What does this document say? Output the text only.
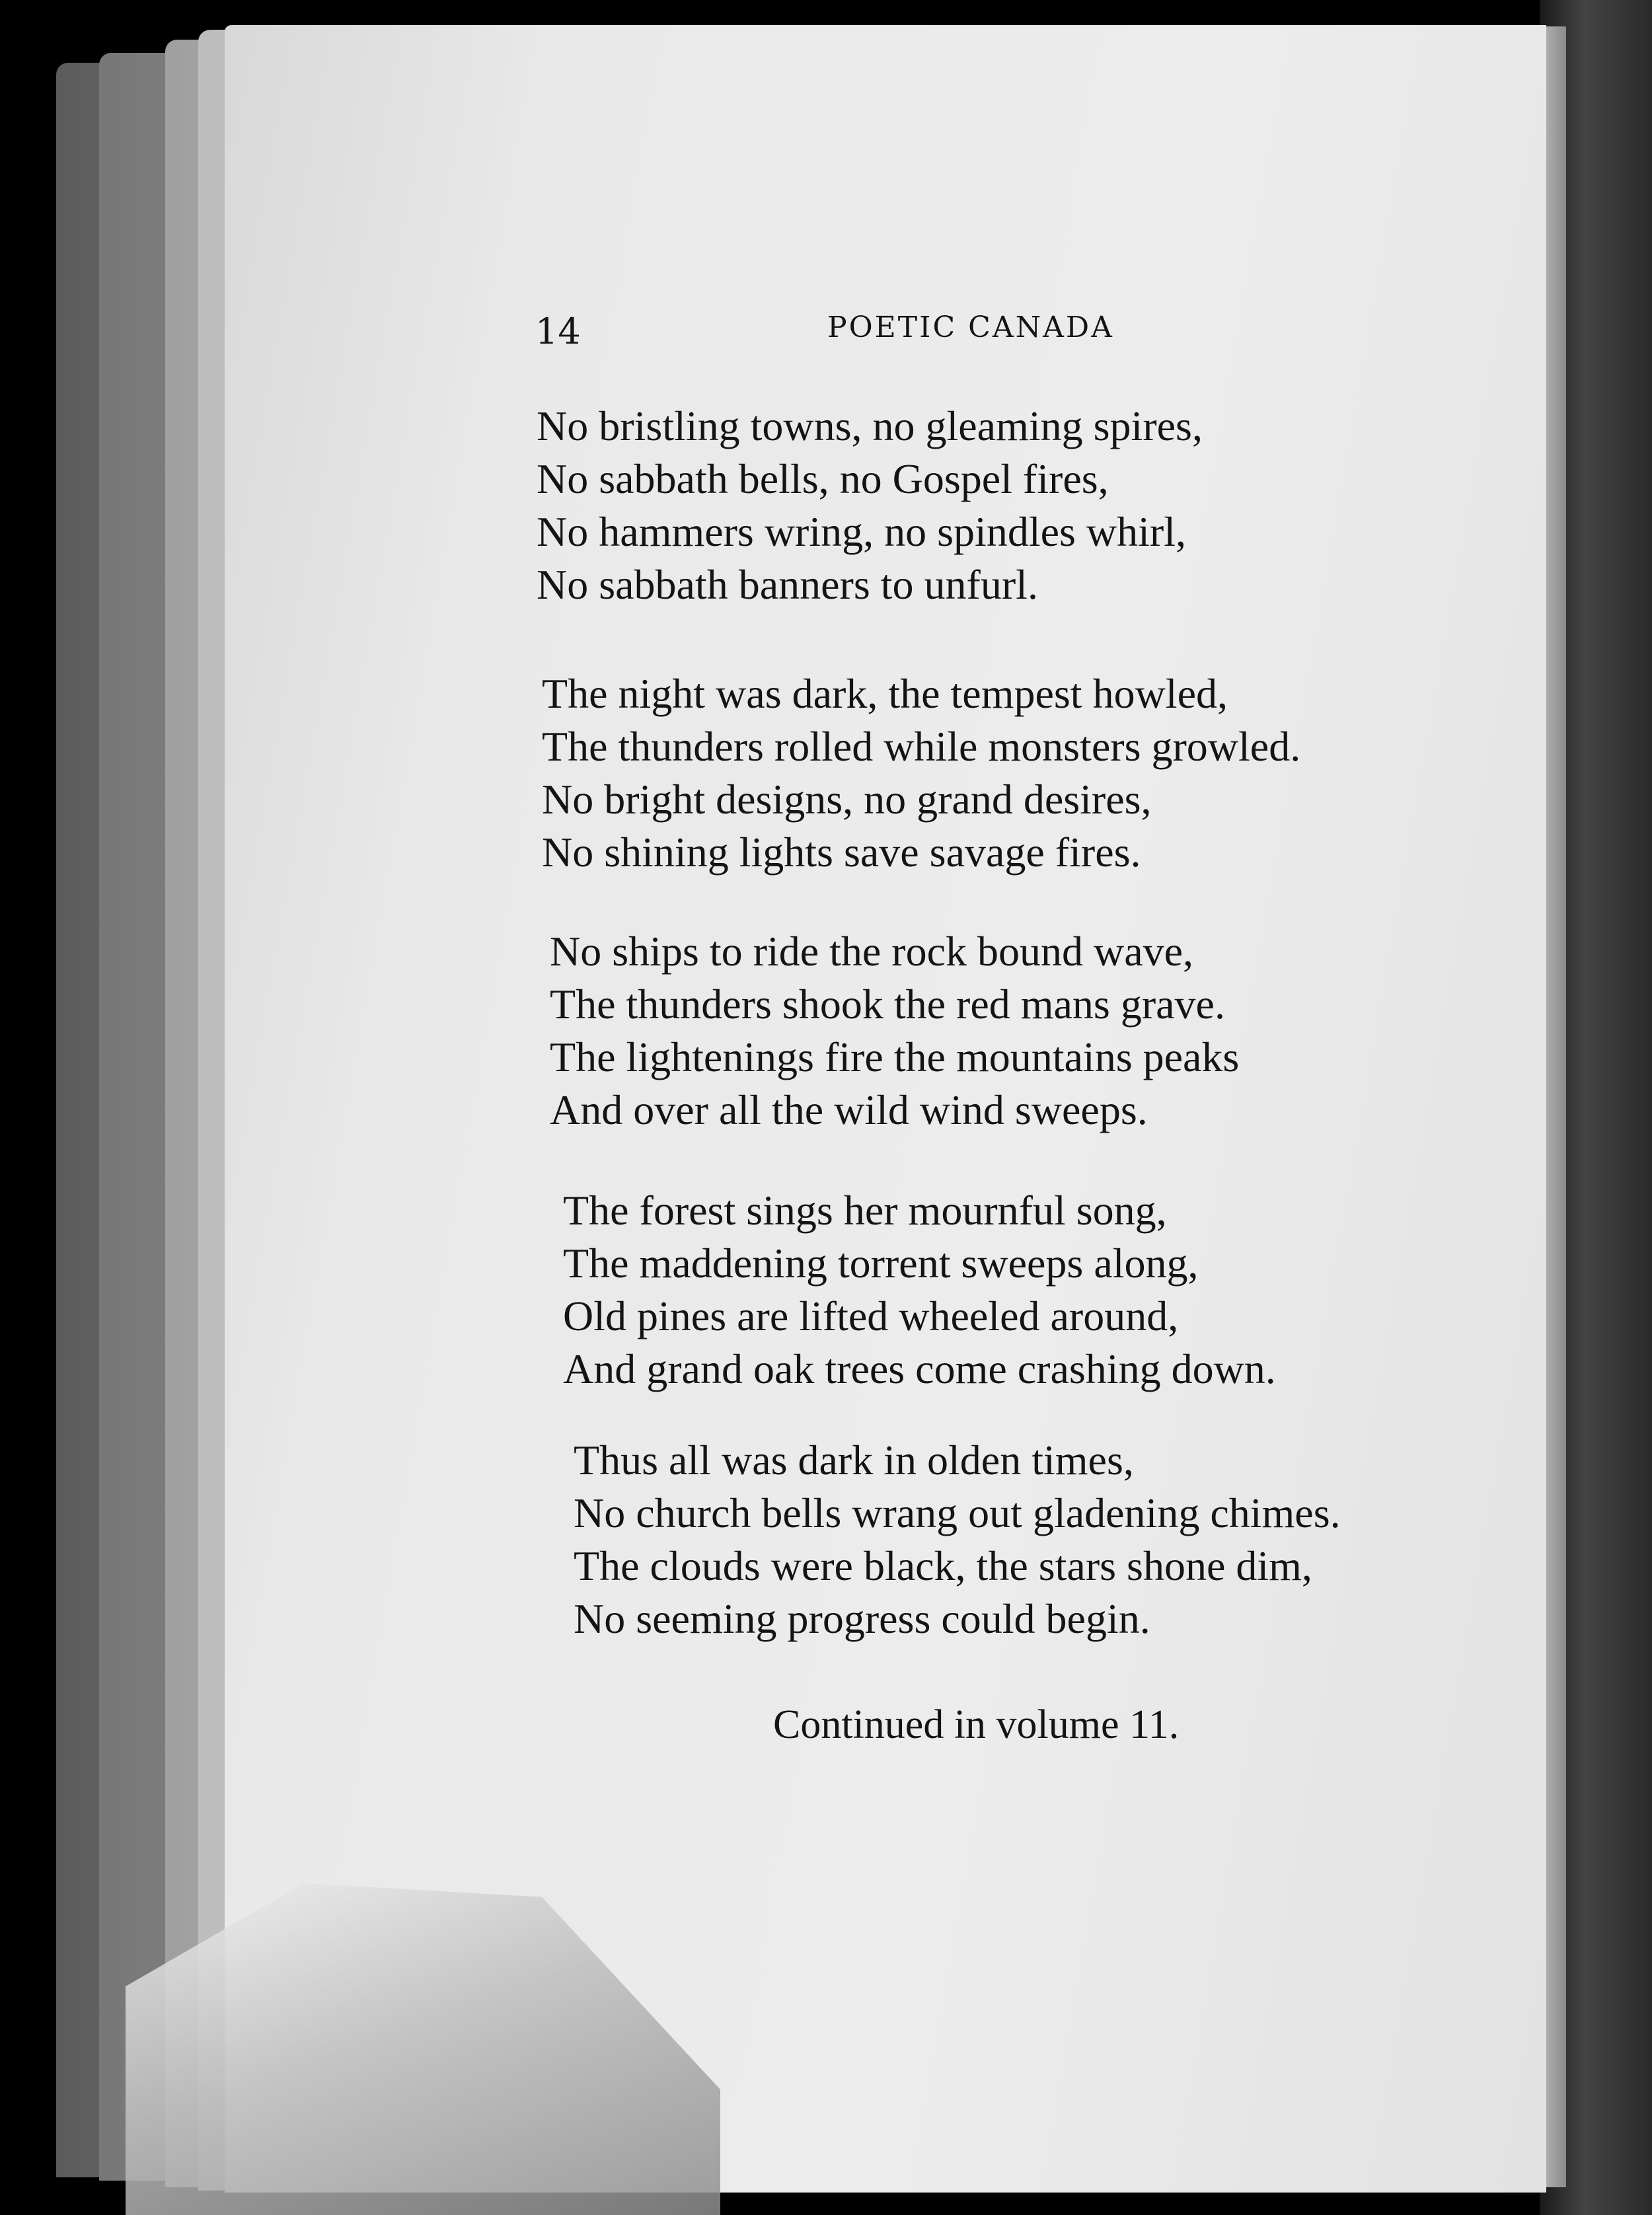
14	POETIC CANADA
No bristling towns, no gleaming spires,
No sabbath bells, no Gospel fires,
No hammers wring, no spindles whirl,
No sabbath banners to unfurl.
The night was dark, the tempest howled,
The thunders rolled while monsters growled.
No bright designs, no grand desires,
No shining lights save savage fires.
No ships to ride the rock bound wave,
The thunders shook the red mans grave.
The lightenings fire the mountains peaks
And over all the wild wind sweeps.
The forest sings her mournful song,
The maddening torrent sweeps along,
Old pines are lifted wheeled around,
And grand oak trees come crashing down.
Thus all was dark in olden times,
No church bells wrang out gladening chimes.
The clouds were black, the stars shone dim,
No seeming progress could begin.
Continued in volume 11.
